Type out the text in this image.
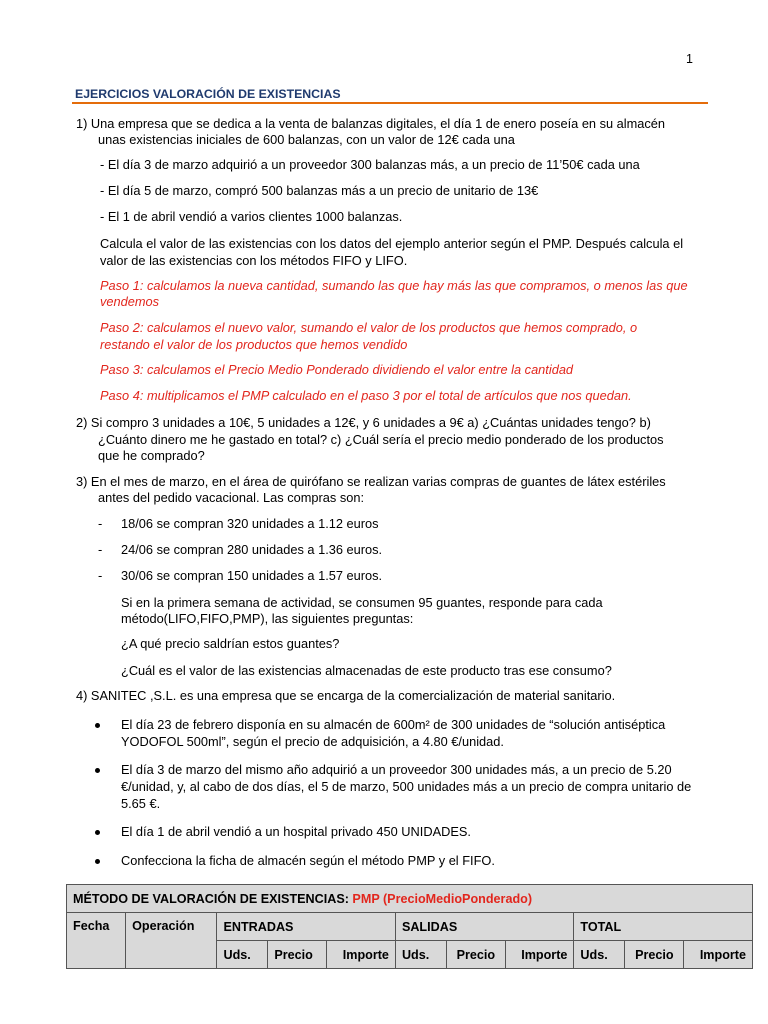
1
EJERCICIOS VALORACIÓN DE EXISTENCIAS
1) Una empresa que se dedica a la venta de balanzas digitales, el día 1 de enero poseía en su almacén
unas existencias iniciales de 600 balanzas, con un valor de 12€ cada una
- El día 3 de marzo adquirió a un proveedor 300 balanzas más, a un precio de 11’50€ cada una
- El día 5 de marzo, compró 500 balanzas más a un precio de unitario de 13€
- El 1 de abril vendió a varios clientes 1000 balanzas.
Calcula el valor de las existencias con los datos del ejemplo anterior según el PMP. Después calcula el
valor de las existencias con los métodos FIFO y LIFO.
Paso 1: calculamos la nueva cantidad, sumando las que hay más las que compramos, o menos las que
vendemos
Paso 2: calculamos el nuevo valor, sumando el valor de los productos que hemos comprado, o
restando el valor de los productos que hemos vendido
Paso 3: calculamos el Precio Medio Ponderado dividiendo el valor entre la cantidad
Paso 4: multiplicamos el PMP calculado en el paso 3 por el total de artículos que nos quedan.
2) Si compro 3 unidades a 10€, 5 unidades a 12€, y 6 unidades a 9€ a) ¿Cuántas unidades tengo? b)
¿Cuánto dinero me he gastado en total? c) ¿Cuál sería el precio medio ponderado de los productos
que he comprado?
3) En el mes de marzo, en el área de quirófano se realizan varias compras de guantes de látex estériles
antes del pedido vacacional. Las compras son:
- 18/06 se compran 320 unidades a 1.12 euros
- 24/06 se compran 280 unidades a 1.36 euros.
- 30/06 se compran 150 unidades a 1.57 euros.
Si en la primera semana de actividad, se consumen 95 guantes, responde para cada
método(LIFO,FIFO,PMP), las siguientes preguntas:
¿A qué precio saldrían estos guantes?
¿Cuál es el valor de las existencias almacenadas de este producto tras ese consumo?
4) SANITEC ,S.L. es una empresa que se encarga de la comercialización de material sanitario.
El día 23 de febrero disponía en su almacén de 600m² de 300 unidades de “solución antiséptica
YODOFOL 500ml”, según el precio de adquisición, a 4.80 €/unidad.
El día 3 de marzo del mismo año adquirió a un proveedor 300 unidades más, a un precio de 5.20
€/unidad, y, al cabo de dos días, el 5 de marzo, 500 unidades más a un precio de compra unitario de
5.65 €.
El día 1 de abril vendió a un hospital privado 450 UNIDADES.
Confecciona la ficha de almacén según el método PMP y el FIFO.
MÉTODO DE VALORACIÓN DE EXISTENCIAS: PMP (PrecioMedioPonderado)										
Fecha	Operación	ENTRADAS			SALIDAS			TOTAL		
		Uds.	Precio	Importe	Uds.	Precio	Importe	Uds.	Precio	Importe
